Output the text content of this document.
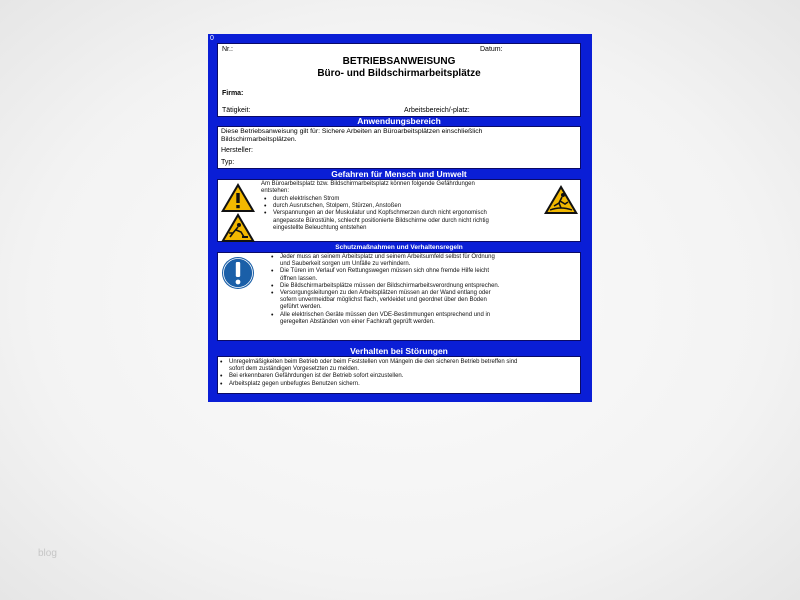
0
Nr.:	Datum:
BETRIEBSANWEISUNG
Büro- und Bildschirmarbeitsplätze
Firma:
Tätigkeit:	Arbeitsbereich/-platz:
Anwendungsbereich
Diese Betriebsanweisung gilt für: Sichere Arbeiten an Büroarbeitsplätzen einschließlich
Bildschirmarbeitsplätzen.
Hersteller:
Typ:
Gefahren für Mensch und Umwelt
Am Büroarbeitsplatz bzw. Bildschirmarbeitsplatz können folgende Gefährdungen
entstehen:
• durch elektrischen Strom
• durch Ausrutschen, Stolpern, Stürzen, Anstoßen
• Verspannungen an der Muskulatur und Kopfschmerzen durch nicht ergonomisch
angepasste Bürostühle, schlecht positionierte Bildschirme oder durch nicht richtig
eingestellte Beleuchtung entstehen
Schutzmaßnahmen und Verhaltensregeln
• Jeder muss an seinem Arbeitsplatz und seinem Arbeitsumfeld selbst für Ordnung
und Sauberkeit sorgen um Unfälle zu verhindern.
• Die Türen im Verlauf von Rettungswegen müssen sich ohne fremde Hilfe leicht
öffnen lassen.
• Die Bildschirmarbeitsplätze müssen der Bildschirmarbeitsverordnung entsprechen.
• Versorgungsleitungen zu den Arbeitsplätzen müssen an der Wand entlang oder
sofern unvermeidbar möglichst flach, verkleidet und geordnet über den Boden
geführt werden.
• Alle elektrischen Geräte müssen den VDE-Bestimmungen entsprechend und in
geregelten Abständen von einer Fachkraft geprüft werden.
Verhalten bei Störungen
• Unregelmäßigkeiten beim Betrieb oder beim Feststellen von Mängeln die den sicheren Betrieb betreffen sind
sofort dem zuständigen Vorgesetzten zu melden.
• Bei erkennbaren Gefährdungen ist der Betrieb sofort einzustellen.
• Arbeitsplatz gegen unbefugtes Benutzen sichern.
blog
